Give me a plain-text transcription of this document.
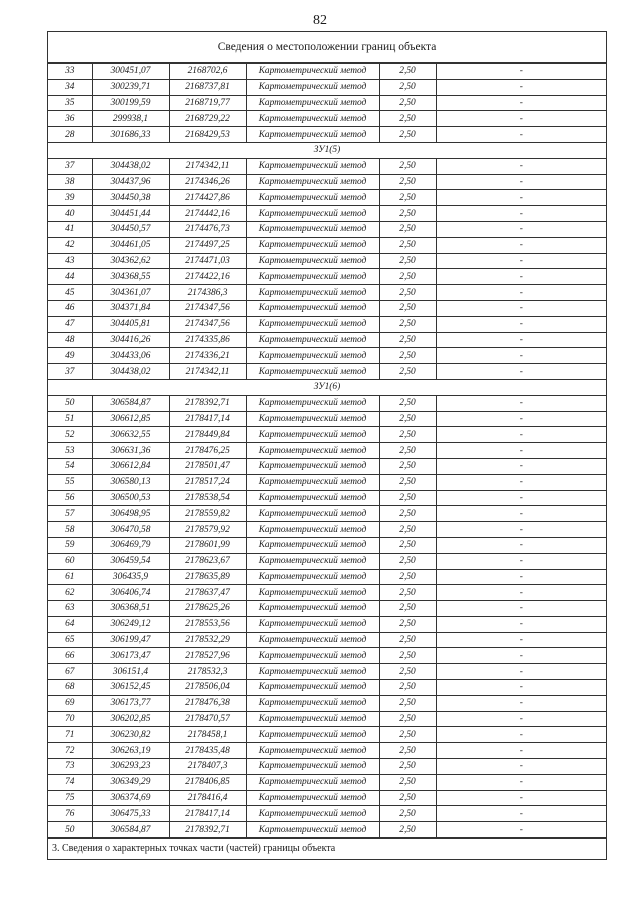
82
Сведения о местоположении границ объекта
33	300451,07	2168702,6	Картометрический метод	2,50	-
34	300239,71	2168737,81	Картометрический метод	2,50	-
35	300199,59	2168719,77	Картометрический метод	2,50	-
36	299938,1	2168729,22	Картометрический метод	2,50	-
28	301686,33	2168429,53	Картометрический метод	2,50	-
ЗУ1(5)					
37	304438,02	2174342,11	Картометрический метод	2,50	-
38	304437,96	2174346,26	Картометрический метод	2,50	-
39	304450,38	2174427,86	Картометрический метод	2,50	-
40	304451,44	2174442,16	Картометрический метод	2,50	-
41	304450,57	2174476,73	Картометрический метод	2,50	-
42	304461,05	2174497,25	Картометрический метод	2,50	-
43	304362,62	2174471,03	Картометрический метод	2,50	-
44	304368,55	2174422,16	Картометрический метод	2,50	-
45	304361,07	2174386,3	Картометрический метод	2,50	-
46	304371,84	2174347,56	Картометрический метод	2,50	-
47	304405,81	2174347,56	Картометрический метод	2,50	-
48	304416,26	2174335,86	Картометрический метод	2,50	-
49	304433,06	2174336,21	Картометрический метод	2,50	-
37	304438,02	2174342,11	Картометрический метод	2,50	-
ЗУ1(6)					
50	306584,87	2178392,71	Картометрический метод	2,50	-
51	306612,85	2178417,14	Картометрический метод	2,50	-
52	306632,55	2178449,84	Картометрический метод	2,50	-
53	306631,36	2178476,25	Картометрический метод	2,50	-
54	306612,84	2178501,47	Картометрический метод	2,50	-
55	306580,13	2178517,24	Картометрический метод	2,50	-
56	306500,53	2178538,54	Картометрический метод	2,50	-
57	306498,95	2178559,82	Картометрический метод	2,50	-
58	306470,58	2178579,92	Картометрический метод	2,50	-
59	306469,79	2178601,99	Картометрический метод	2,50	-
60	306459,54	2178623,67	Картометрический метод	2,50	-
61	306435,9	2178635,89	Картометрический метод	2,50	-
62	306406,74	2178637,47	Картометрический метод	2,50	-
63	306368,51	2178625,26	Картометрический метод	2,50	-
64	306249,12	2178553,56	Картометрический метод	2,50	-
65	306199,47	2178532,29	Картометрический метод	2,50	-
66	306173,47	2178527,96	Картометрический метод	2,50	-
67	306151,4	2178532,3	Картометрический метод	2,50	-
68	306152,45	2178506,04	Картометрический метод	2,50	-
69	306173,77	2178476,38	Картометрический метод	2,50	-
70	306202,85	2178470,57	Картометрический метод	2,50	-
71	306230,82	2178458,1	Картометрический метод	2,50	-
72	306263,19	2178435,48	Картометрический метод	2,50	-
73	306293,23	2178407,3	Картометрический метод	2,50	-
74	306349,29	2178406,85	Картометрический метод	2,50	-
75	306374,69	2178416,4	Картометрический метод	2,50	-
76	306475,33	2178417,14	Картометрический метод	2,50	-
50	306584,87	2178392,71	Картометрический метод	2,50	-
3. Сведения о характерных точках части (частей) границы объекта
